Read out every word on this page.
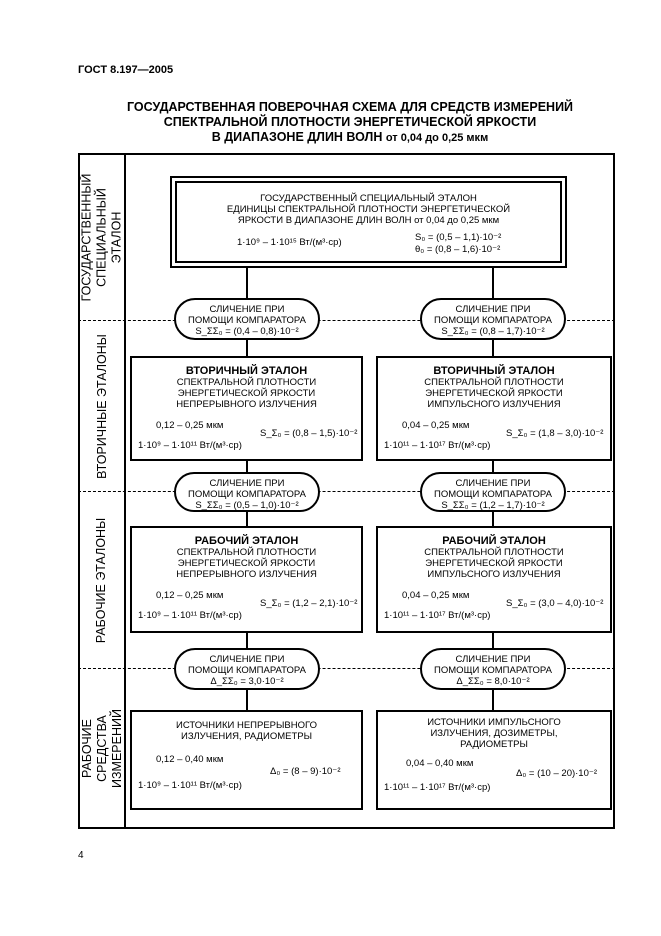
ГОСТ 8.197—2005
ГОСУДАРСТВЕННАЯ ПОВЕРОЧНАЯ СХЕМА ДЛЯ СРЕДСТВ ИЗМЕРЕНИЙ
СПЕКТРАЛЬНОЙ ПЛОТНОСТИ ЭНЕРГЕТИЧЕСКОЙ ЯРКОСТИ
В ДИАПАЗОНЕ ДЛИН ВОЛН от 0,04 до 0,25 мкм
ГОСУДАРСТВЕННЫЙ СПЕЦИАЛЬНЫЙ ЭТАЛОН
ВТОРИЧНЫЕ ЭТАЛОНЫ
РАБОЧИЕ ЭТАЛОНЫ
РАБОЧИЕ СРЕДСТВА ИЗМЕРЕНИЙ
ГОСУДАРСТВЕННЫЙ СПЕЦИАЛЬНЫЙ ЭТАЛОН
ЕДИНИЦЫ СПЕКТРАЛЬНОЙ ПЛОТНОСТИ ЭНЕРГЕТИЧЕСКОЙ
ЯРКОСТИ В ДИАПАЗОНЕ ДЛИН ВОЛН от 0,04 до 0,25 мкм
1·10⁹ – 1·10¹⁵ Вт/(м³·ср)	S₀ = (0,5 – 1,1)·10⁻²
θ₀ = (0,8 – 1,6)·10⁻²
СЛИЧЕНИЕ ПРИ
ПОМОЩИ КОМПАРАТОРА
S_ΣΣ₀ = (0,4 – 0,8)·10⁻²
СЛИЧЕНИЕ ПРИ
ПОМОЩИ КОМПАРАТОРА
S_ΣΣ₀ = (0,8 – 1,7)·10⁻²
ВТОРИЧНЫЙ ЭТАЛОН
СПЕКТРАЛЬНОЙ ПЛОТНОСТИ
ЭНЕРГЕТИЧЕСКОЙ ЯРКОСТИ
НЕПРЕРЫВНОГО ИЗЛУЧЕНИЯ
0,12 – 0,25 мкм
S_Σ₀ = (0,8 – 1,5)·10⁻²
1·10⁹ – 1·10¹¹ Вт/(м³·ср)
ВТОРИЧНЫЙ ЭТАЛОН
СПЕКТРАЛЬНОЙ ПЛОТНОСТИ
ЭНЕРГЕТИЧЕСКОЙ ЯРКОСТИ
ИМПУЛЬСНОГО ИЗЛУЧЕНИЯ
0,04 – 0,25 мкм
S_Σ₀ = (1,8 – 3,0)·10⁻²
1·10¹¹ – 1·10¹⁷ Вт/(м³·ср)
СЛИЧЕНИЕ ПРИ
ПОМОЩИ КОМПАРАТОРА
S_ΣΣ₀ = (0,5 – 1,0)·10⁻²
СЛИЧЕНИЕ ПРИ
ПОМОЩИ КОМПАРАТОРА
S_ΣΣ₀ = (1,2 – 1,7)·10⁻²
РАБОЧИЙ ЭТАЛОН
СПЕКТРАЛЬНОЙ ПЛОТНОСТИ
ЭНЕРГЕТИЧЕСКОЙ ЯРКОСТИ
НЕПРЕРЫВНОГО ИЗЛУЧЕНИЯ
0,12 – 0,25 мкм
S_Σ₀ = (1,2 – 2,1)·10⁻²
1·10⁹ – 1·10¹¹ Вт/(м³·ср)
РАБОЧИЙ ЭТАЛОН
СПЕКТРАЛЬНОЙ ПЛОТНОСТИ
ЭНЕРГЕТИЧЕСКОЙ ЯРКОСТИ
ИМПУЛЬСНОГО ИЗЛУЧЕНИЯ
0,04 – 0,25 мкм
S_Σ₀ = (3,0 – 4,0)·10⁻²
1·10¹¹ – 1·10¹⁷ Вт/(м³·ср)
СЛИЧЕНИЕ ПРИ
ПОМОЩИ КОМПАРАТОРА
Δ_ΣΣ₀ = 3,0·10⁻²
СЛИЧЕНИЕ ПРИ
ПОМОЩИ КОМПАРАТОРА
Δ_ΣΣ₀ = 8,0·10⁻²
ИСТОЧНИКИ НЕПРЕРЫВНОГО
ИЗЛУЧЕНИЯ, РАДИОМЕТРЫ
0,12 – 0,40 мкм
Δ₀ = (8 – 9)·10⁻²
1·10⁹ – 1·10¹¹ Вт/(м³·ср)
ИСТОЧНИКИ ИМПУЛЬСНОГО
ИЗЛУЧЕНИЯ, ДОЗИМЕТРЫ,
РАДИОМЕТРЫ
0,04 – 0,40 мкм
Δ₀ = (10 – 20)·10⁻²
1·10¹¹ – 1·10¹⁷ Вт/(м³·ср)
4
